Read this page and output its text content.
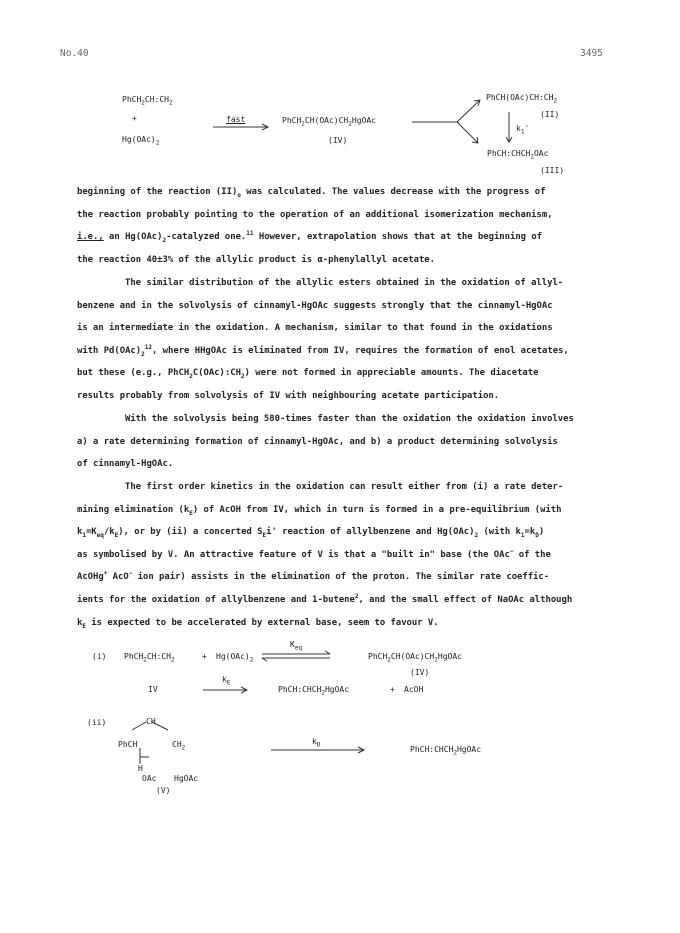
No.40	3495
$PhCH_2CH:CH_2$
+
$Hg(OAc)_2$
fast	$PhCH_2CH(OAc)CH_2HgOAc$
(IV)
$PhCH(OAc)CH:CH_2$
(II)
$k_1'$
$PhCH:CHCH_2OAc$
(III)
beginning of the reaction $(II)_o$ was calculated. The values decrease with the progress of
the reaction probably pointing to the operation of an additional isomerization mechanism,
i.e., an $Hg(OAc)_2$-catalyzed one.$^{11}$ However, extrapolation shows that at the beginning of
the reaction 40±3% of the allylic product is α-phenylallyl acetate.
The similar distribution of the allylic esters obtained in the oxidation of allyl-
benzene and in the solvolysis of cinnamyl-HgOAc suggests strongly that the cinnamyl-HgOAc
is an intermediate in the oxidation. A mechanism, similar to that found in the oxidations
with $Pd(OAc)_2^{12}$, where HHgOAc is eliminated from IV, requires the formation of enol acetates,
but these (e.g., $PhCH_2C(OAc):CH_2$) were not formed in appreciable amounts. The diacetate
results probably from solvolysis of IV with neighbouring acetate participation.
With the solvolysis being 580-times faster than the oxidation the oxidation involves
a) a rate determining formation of cinnamyl-HgOAc, and b) a product determining solvolysis
of cinnamyl-HgOAc.
The first order kinetics in the oxidation can result either from (i) a rate deter-
mining elimination $(k_E)$ of AcOH from IV, which in turn is formed in a pre-equilibrium (with
$k_1=K_{eq}/k_E$), or by (ii) a concerted $S_Ei'$ reaction of allylbenzene and $Hg(OAc)_2$ (with $k_1=k_D$)
as symbolised by V. An attractive feature of V is that a "built in" base (the OAc− of the
AcOHg+ AcO− ion pair) assists in the elimination of the proton. The similar rate coeffic-
ients for the oxidation of allylbenzene and 1-butene$^2$, and the small effect of NaOAc although
$k_E$ is expected to be accelerated by external base, seem to favour V.
(i) $PhCH_2CH:CH_2$	+ $Hg(OAc)_2$
$K_{eq}$
$PhCH_2CH(OAc)CH_2HgOAc$
(IV)
IV
$k_E$
$PhCH:CHCH_2HgOAc$	+ AcOH
(ii)	CH
PhCH	$CH_2$
H
OAc HgOAc
(V)
$k_D$	$PhCH:CHCH_2HgOAc$
